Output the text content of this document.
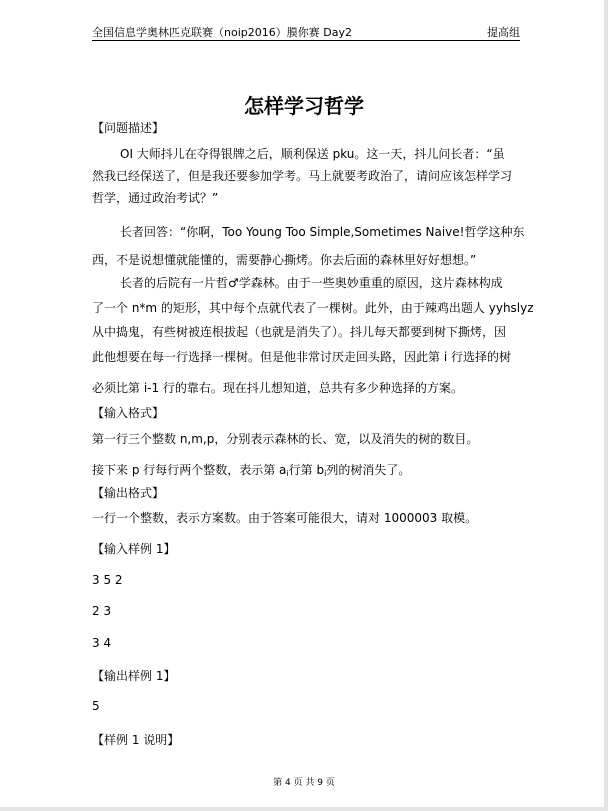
全国信息学奥林匹克联赛（noip2016）膜你赛 Day2	提高组
怎样学习哲学
【问题描述】
OI 大师抖儿在夺得银牌之后，顺利保送 pku。这一天，抖儿问长者：“虽
然我已经保送了，但是我还要参加学考。马上就要考政治了，请问应该怎样学习
哲学，通过政治考试？”
长者回答：“你啊，Too Young Too Simple,Sometimes Naive!哲学这种东
西，不是说想懂就能懂的，需要静心撕烤。你去后面的森林里好好想想。”
长者的后院有一片哲♂学森林。由于一些奥妙重重的原因，这片森林构成
了一个 n*m 的矩形，其中每个点就代表了一棵树。此外，由于辣鸡出题人 yyhslyz
从中捣鬼，有些树被连根拔起（也就是消失了）。抖儿每天都要到树下撕烤，因
此他想要在每一行选择一棵树。但是他非常讨厌走回头路，因此第 i 行选择的树
必须比第 i-1 行的靠右。现在抖儿想知道，总共有多少种选择的方案。
【输入格式】
第一行三个整数 n,m,p，分别表示森林的长、宽，以及消失的树的数目。
接下来 p 行每行两个整数，表示第 $a_i$行第 $b_i$列的树消失了。
【输出格式】
一行一个整数，表示方案数。由于答案可能很大，请对 1000003 取模。
【输入样例 1】
3 5 2
2 3
3 4
【输出样例 1】
5
【样例 1 说明】
第 4 页 共 9 页
